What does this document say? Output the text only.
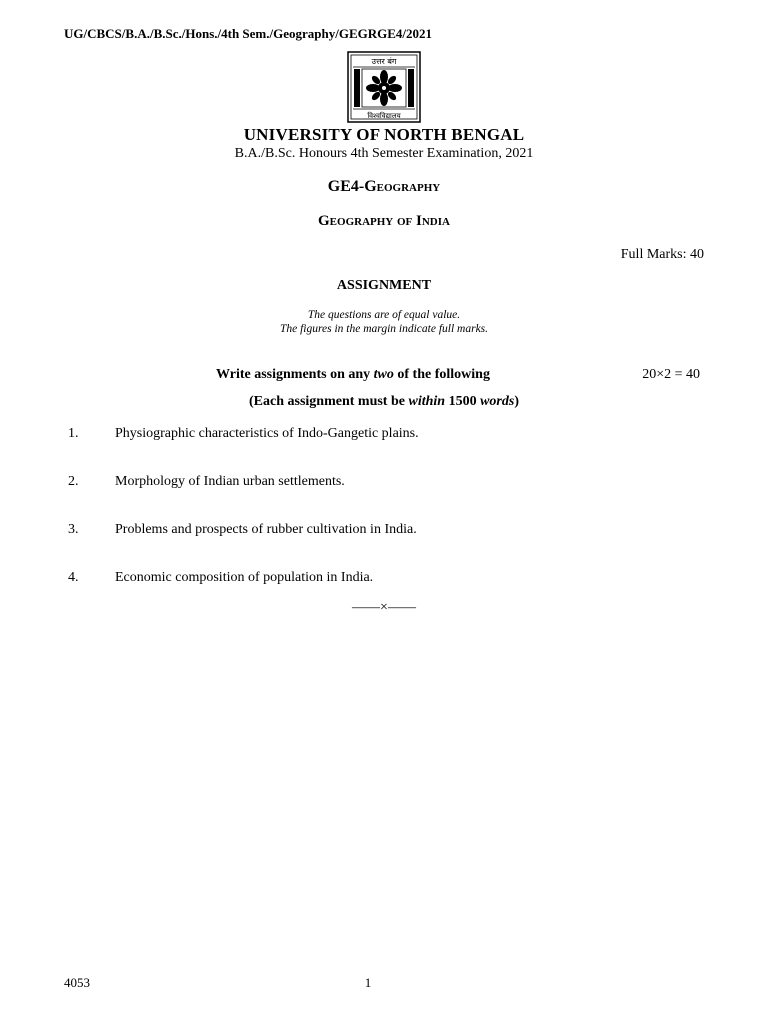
UG/CBCS/B.A./B.Sc./Hons./4th Sem./Geography/GEGRGE4/2021
उत्तर बंग
विश्वविद्यालय
UNIVERSITY OF NORTH BENGAL
B.A./B.Sc. Honours 4th Semester Examination, 2021
GE4-Geography
Geography of India
Full Marks: 40
ASSIGNMENT
The questions are of equal value.
The figures in the margin indicate full marks.
Write assignments on any two of the following	20×2 = 40
(Each assignment must be within 1500 words)
1.	Physiographic characteristics of Indo-Gangetic plains.
2.	Morphology of Indian urban settlements.
3.	Problems and prospects of rubber cultivation in India.
4.	Economic composition of population in India.
——×——
4053	1
